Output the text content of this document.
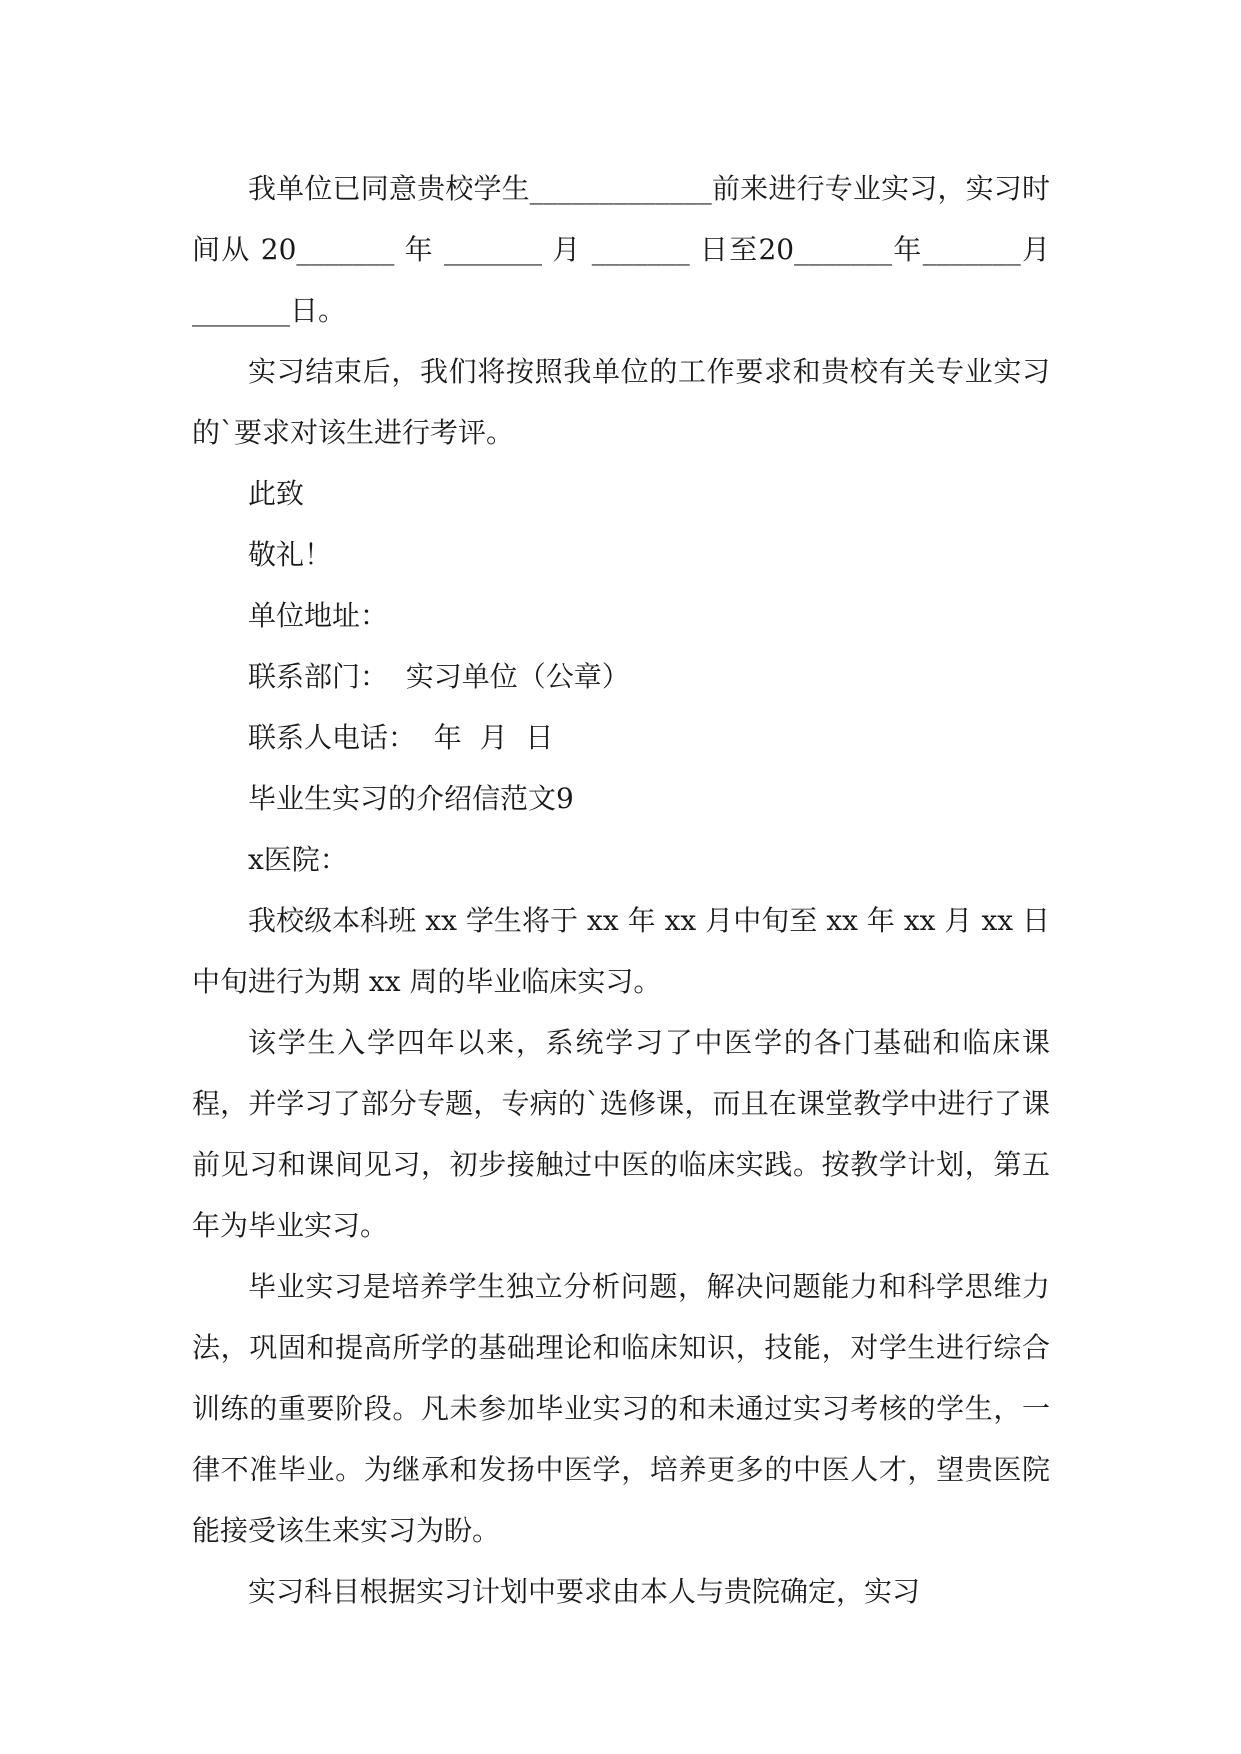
我单位已同意贵校学生_____________前来进行专业实习，实习时间从 20_______ 年 _______ 月 _______ 日至20_______年_______月_______日。

实习结束后，我们将按照我单位的工作要求和贵校有关专业实习的`要求对该生进行考评。

此致

敬礼！

单位地址：

联系部门：  实习单位（公章）

联系人电话：  年  月  日

毕业生实习的介绍信范文9

x医院：

我校级本科班 xx 学生将于 xx 年 xx 月中旬至 xx 年 xx 月 xx 日中旬进行为期 xx 周的毕业临床实习。

该学生入学四年以来，系统学习了中医学的各门基础和临床课程，并学习了部分专题，专病的`选修课，而且在课堂教学中进行了课前见习和课间见习，初步接触过中医的临床实践。按教学计划，第五年为毕业实习。

毕业实习是培养学生独立分析问题，解决问题能力和科学思维力法，巩固和提高所学的基础理论和临床知识，技能，对学生进行综合训练的重要阶段。凡未参加毕业实习的和未通过实习考核的学生，一律不准毕业。为继承和发扬中医学，培养更多的中医人才，望贵医院能接受该生来实习为盼。

实习科目根据实习计划中要求由本人与贵院确定，实习
